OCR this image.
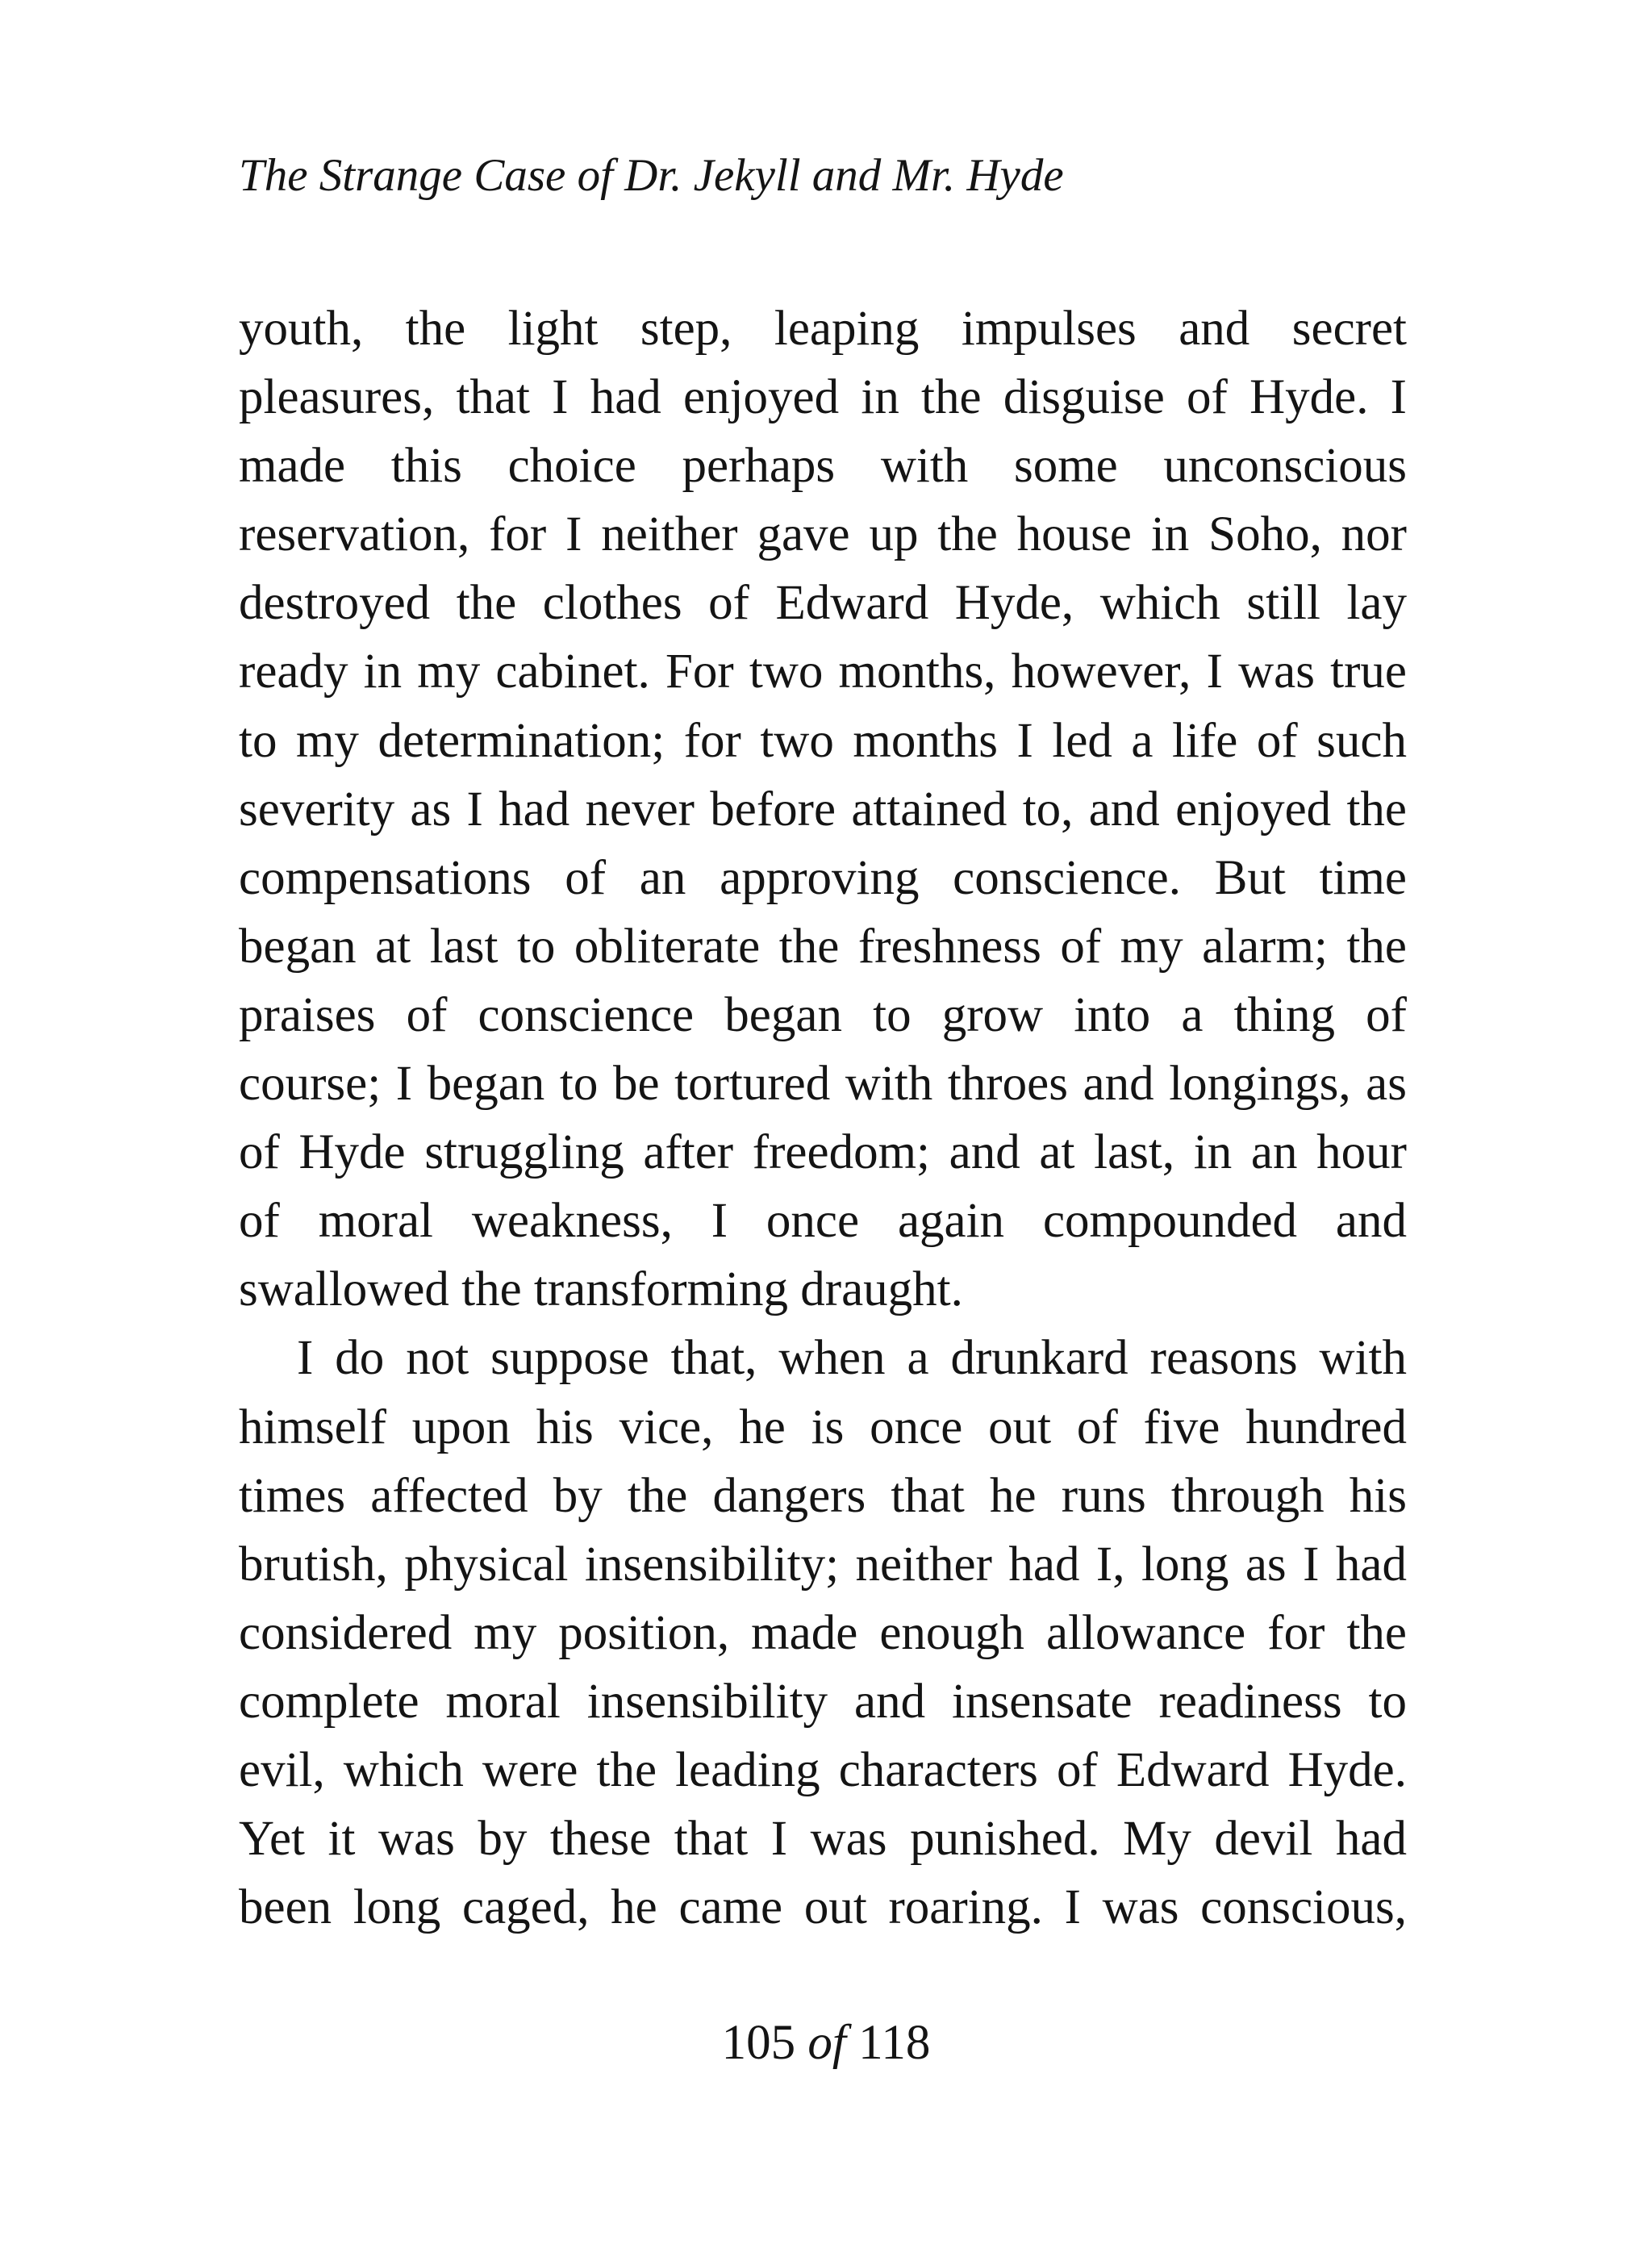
The Strange Case of Dr. Jekyll and Mr. Hyde
youth, the light step, leaping impulses and secret
pleasures, that I had enjoyed in the disguise of Hyde. I
made this choice perhaps with some unconscious
reservation, for I neither gave up the house in Soho, nor
destroyed the clothes of Edward Hyde, which still lay
ready in my cabinet. For two months, however, I was true
to my determination; for two months I led a life of such
severity as I had never before attained to, and enjoyed the
compensations of an approving conscience. But time
began at last to obliterate the freshness of my alarm; the
praises of conscience began to grow into a thing of
course; I began to be tortured with throes and longings, as
of Hyde struggling after freedom; and at last, in an hour
of moral weakness, I once again compounded and
swallowed the transforming draught.
I do not suppose that, when a drunkard reasons with
himself upon his vice, he is once out of five hundred
times affected by the dangers that he runs through his
brutish, physical insensibility; neither had I, long as I had
considered my position, made enough allowance for the
complete moral insensibility and insensate readiness to
evil, which were the leading characters of Edward Hyde.
Yet it was by these that I was punished. My devil had
been long caged, he came out roaring. I was conscious,
105 of 118
